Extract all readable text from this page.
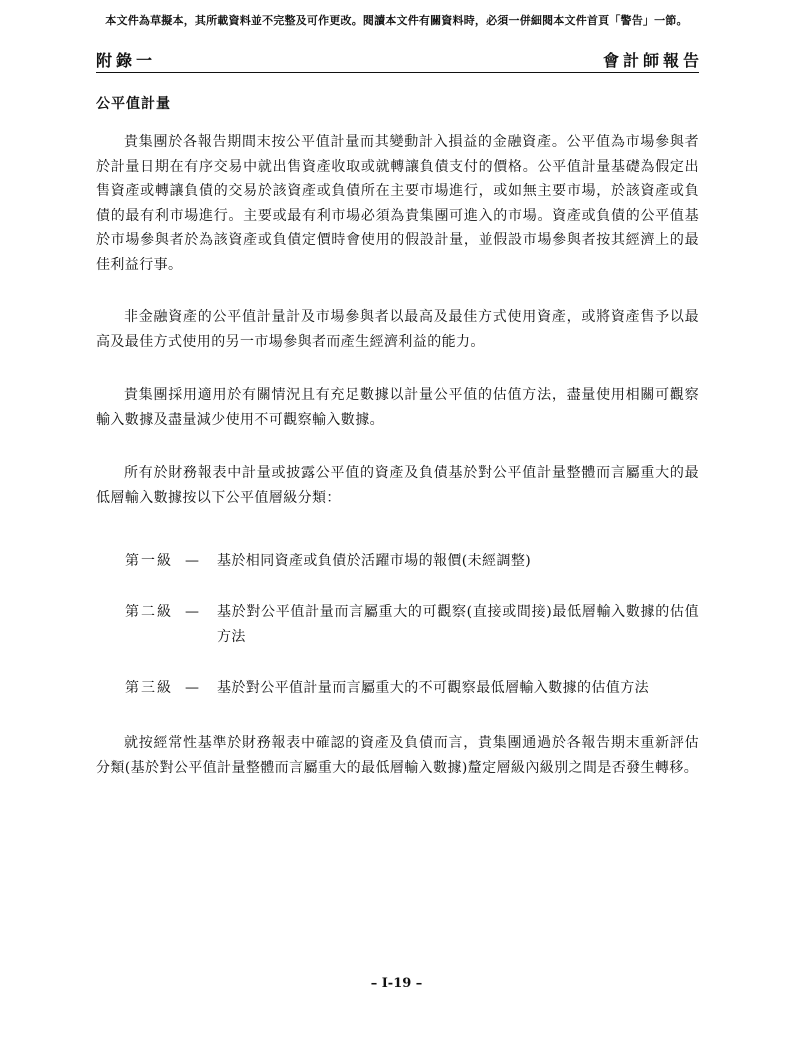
本文件為草擬本，其所載資料並不完整及可作更改。閱讀本文件有關資料時，必須一併細閱本文件首頁「警告」一節。
附錄一	會計師報告
公平值計量

貴集團於各報告期間末按公平值計量而其變動計入損益的金融資產。公平值為市場參與者於計量日期在有序交易中就出售資產收取或就轉讓負債支付的價格。公平值計量基礎為假定出售資產或轉讓負債的交易於該資產或負債所在主要市場進行，或如無主要市場，於該資產或負債的最有利市場進行。主要或最有利市場必須為貴集團可進入的市場。資產或負債的公平值基於市場參與者於為該資產或負債定價時會使用的假設計量，並假設市場參與者按其經濟上的最佳利益行事。

非金融資產的公平值計量計及市場參與者以最高及最佳方式使用資產，或將資產售予以最高及最佳方式使用的另一市場參與者而產生經濟利益的能力。

貴集團採用適用於有關情況且有充足數據以計量公平值的估值方法，盡量使用相關可觀察輸入數據及盡量減少使用不可觀察輸入數據。

所有於財務報表中計量或披露公平值的資產及負債基於對公平值計量整體而言屬重大的最低層輸入數據按以下公平值層級分類：

第一級 —	基於相同資產或負債於活躍市場的報價(未經調整)
第二級 —	基於對公平值計量而言屬重大的可觀察(直接或間接)最低層輸入數據的估值方法
第三級 —	基於對公平值計量而言屬重大的不可觀察最低層輸入數據的估值方法

就按經常性基準於財務報表中確認的資產及負債而言，貴集團通過於各報告期末重新評估分類(基於對公平值計量整體而言屬重大的最低層輸入數據)釐定層級內級別之間是否發生轉移。

– I-19 –
